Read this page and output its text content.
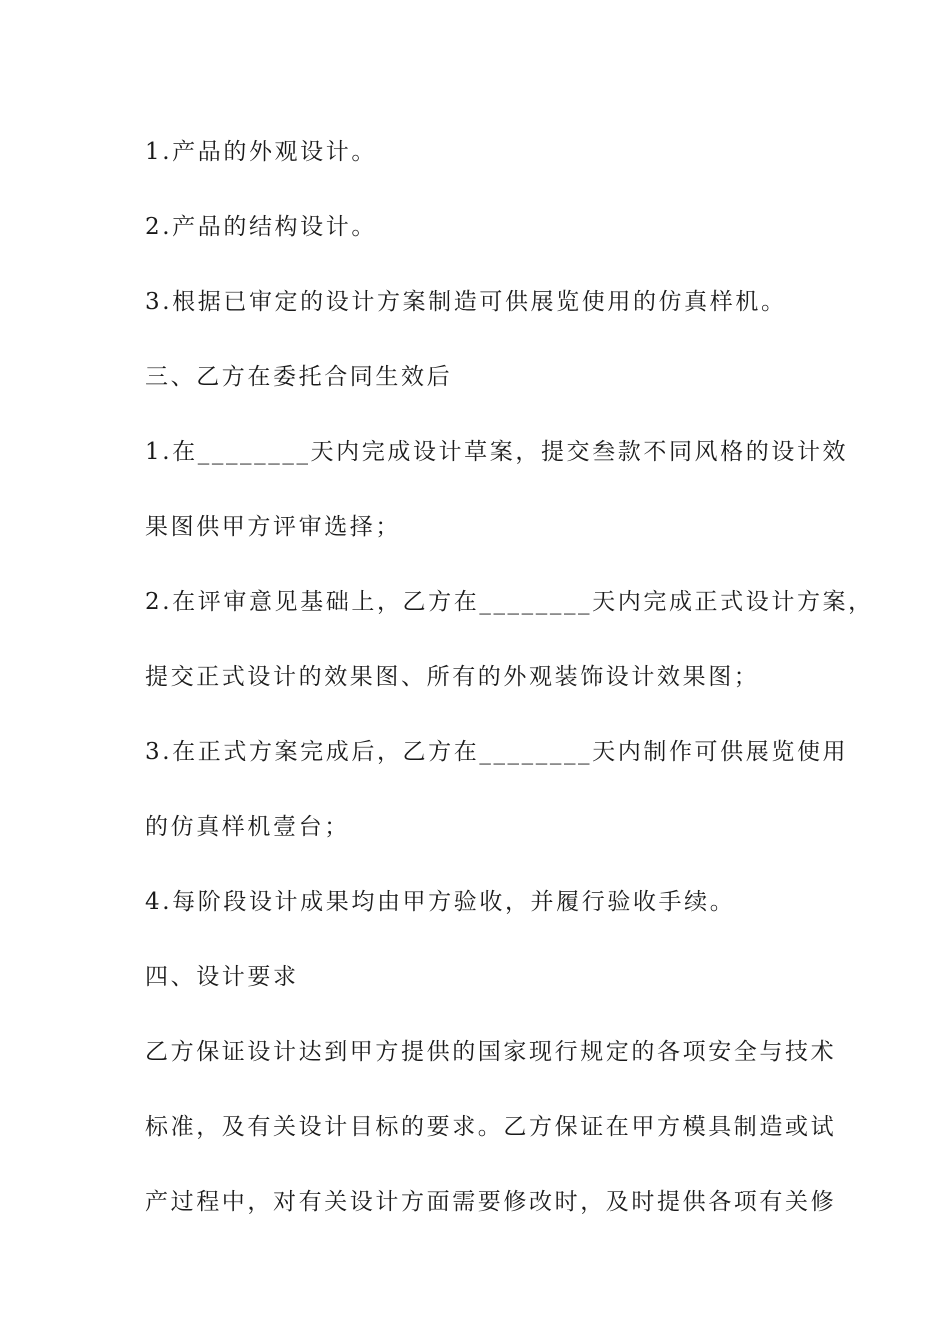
1.产品的外观设计。
2.产品的结构设计。
3.根据已审定的设计方案制造可供展览使用的仿真样机。
三、乙方在委托合同生效后
1.在________天内完成设计草案，提交叁款不同风格的设计效
果图供甲方评审选择；
2.在评审意见基础上，乙方在________天内完成正式设计方案，
提交正式设计的效果图、所有的外观装饰设计效果图；
3.在正式方案完成后，乙方在________天内制作可供展览使用
的仿真样机壹台；
4.每阶段设计成果均由甲方验收，并履行验收手续。
四、设计要求
乙方保证设计达到甲方提供的国家现行规定的各项安全与技术
标准，及有关设计目标的要求。乙方保证在甲方模具制造或试
产过程中，对有关设计方面需要修改时，及时提供各项有关修
